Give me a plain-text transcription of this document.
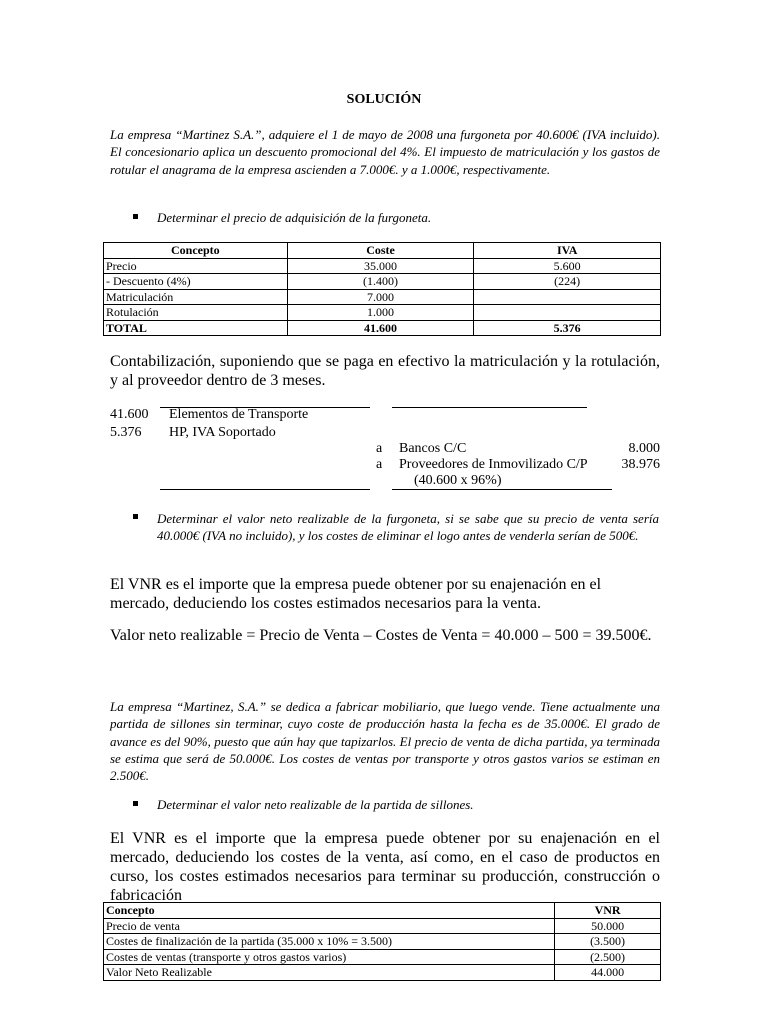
SOLUCIÓN
La empresa “Martinez S.A.”, adquiere el 1 de mayo de 2008 una furgoneta por 40.600€ (IVA incluido). El concesionario aplica un descuento promocional del 4%. El impuesto de matriculación y los gastos de rotular el anagrama de la empresa ascienden a 7.000€. y a 1.000€, respectivamente.
Determinar el precio de adquisición de la furgoneta.
Concepto	Coste	IVA
Precio	35.000	5.600
- Descuento (4%)	(1.400)	(224)
Matriculación	7.000	
Rotulación	1.000	
TOTAL	41.600	5.376
Contabilización, suponiendo que se paga en efectivo la matriculación y la rotulación, y al proveedor dentro de 3 meses.
41.600 Elementos de Transporte
5.376 HP, IVA Soportado
a Bancos C/C	8.000
a Proveedores de Inmovilizado C/P	38.976
(40.600 x 96%)
Determinar el valor neto realizable de la furgoneta, si se sabe que su precio de venta sería 40.000€ (IVA no incluido), y los costes de eliminar el logo antes de venderla serían de 500€.
El VNR es el importe que la empresa puede obtener por su enajenación en el mercado, deduciendo los costes estimados necesarios para la venta.
Valor neto realizable = Precio de Venta – Costes de Venta = 40.000 – 500 = 39.500€.
La empresa “Martinez, S.A.” se dedica a fabricar mobiliario, que luego vende. Tiene actualmente una partida de sillones sin terminar, cuyo coste de producción hasta la fecha es de 35.000€. El grado de avance es del 90%, puesto que aún hay que tapizarlos. El precio de venta de dicha partida, ya terminada se estima que será de 50.000€. Los costes de ventas por transporte y otros gastos varios se estiman en 2.500€.
Determinar el valor neto realizable de la partida de sillones.
El VNR es el importe que la empresa puede obtener por su enajenación en el mercado, deduciendo los costes de la venta, así como, en el caso de productos en curso, los costes estimados necesarios para terminar su producción, construcción o fabricación
Concepto	VNR
Precio de venta	50.000
Costes de finalización de la partida (35.000 x 10% = 3.500)	(3.500)
Costes de ventas (transporte y otros gastos varios)	(2.500)
Valor Neto Realizable	44.000
